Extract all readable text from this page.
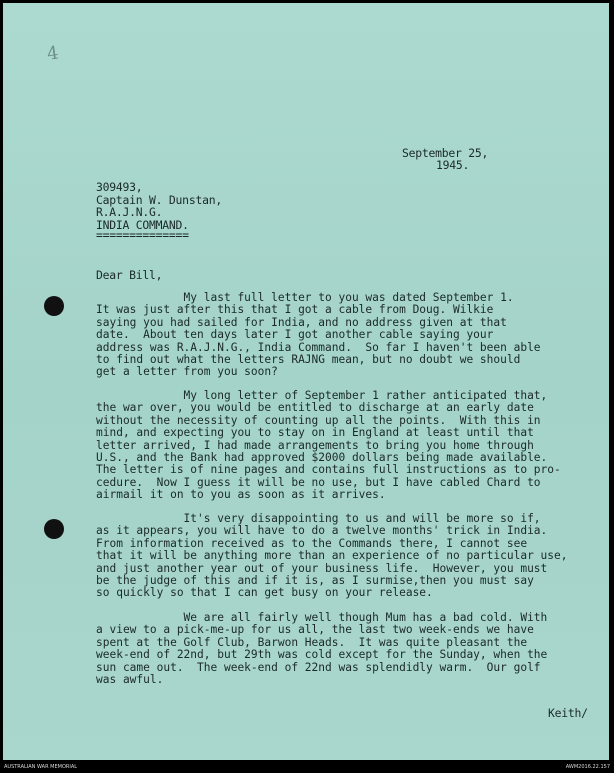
4

September 25,

1945.

309493,

Captain W. Dunstan,

R.A.J.N.G.

INDIA COMMAND.

==============

Dear Bill,

My last full letter to you was dated September 1.

It was just after this that I got a cable from Doug. Wilkie

saying you had sailed for India, and no address given at that

date.  About ten days later I got another cable saying your

address was R.A.J.N.G., India Command.  So far I haven't been able

to find out what the letters RAJNG mean, but no doubt we should

get a letter from you soon?

My long letter of September 1 rather anticipated that,

the war over, you would be entitled to discharge at an early date

without the necessity of counting up all the points.  With this in

mind, and expecting you to stay on in England at least until that

letter arrived, I had made arrangements to bring you home through

U.S., and the Bank had approved $2000 dollars being made available.

The letter is of nine pages and contains full instructions as to pro-

cedure.  Now I guess it will be no use, but I have cabled Chard to

airmail it on to you as soon as it arrives.

It's very disappointing to us and will be more so if,

as it appears, you will have to do a twelve months' trick in India.

From information received as to the Commands there, I cannot see

that it will be anything more than an experience of no particular use,

and just another year out of your business life.  However, you must

be the judge of this and if it is, as I surmise,then you must say

so quickly so that I can get busy on your release.

We are all fairly well though Mum has a bad cold. With

a view to a pick-me-up for us all, the last two week-ends we have

spent at the Golf Club, Barwon Heads.  It was quite pleasant the

week-end of 22nd, but 29th was cold except for the Sunday, when the

sun came out.  The week-end of 22nd was splendidly warm.  Our golf

was awful.

Keith/

AUSTRALIAN WAR MEMORIAL	AWM2016.22.157
